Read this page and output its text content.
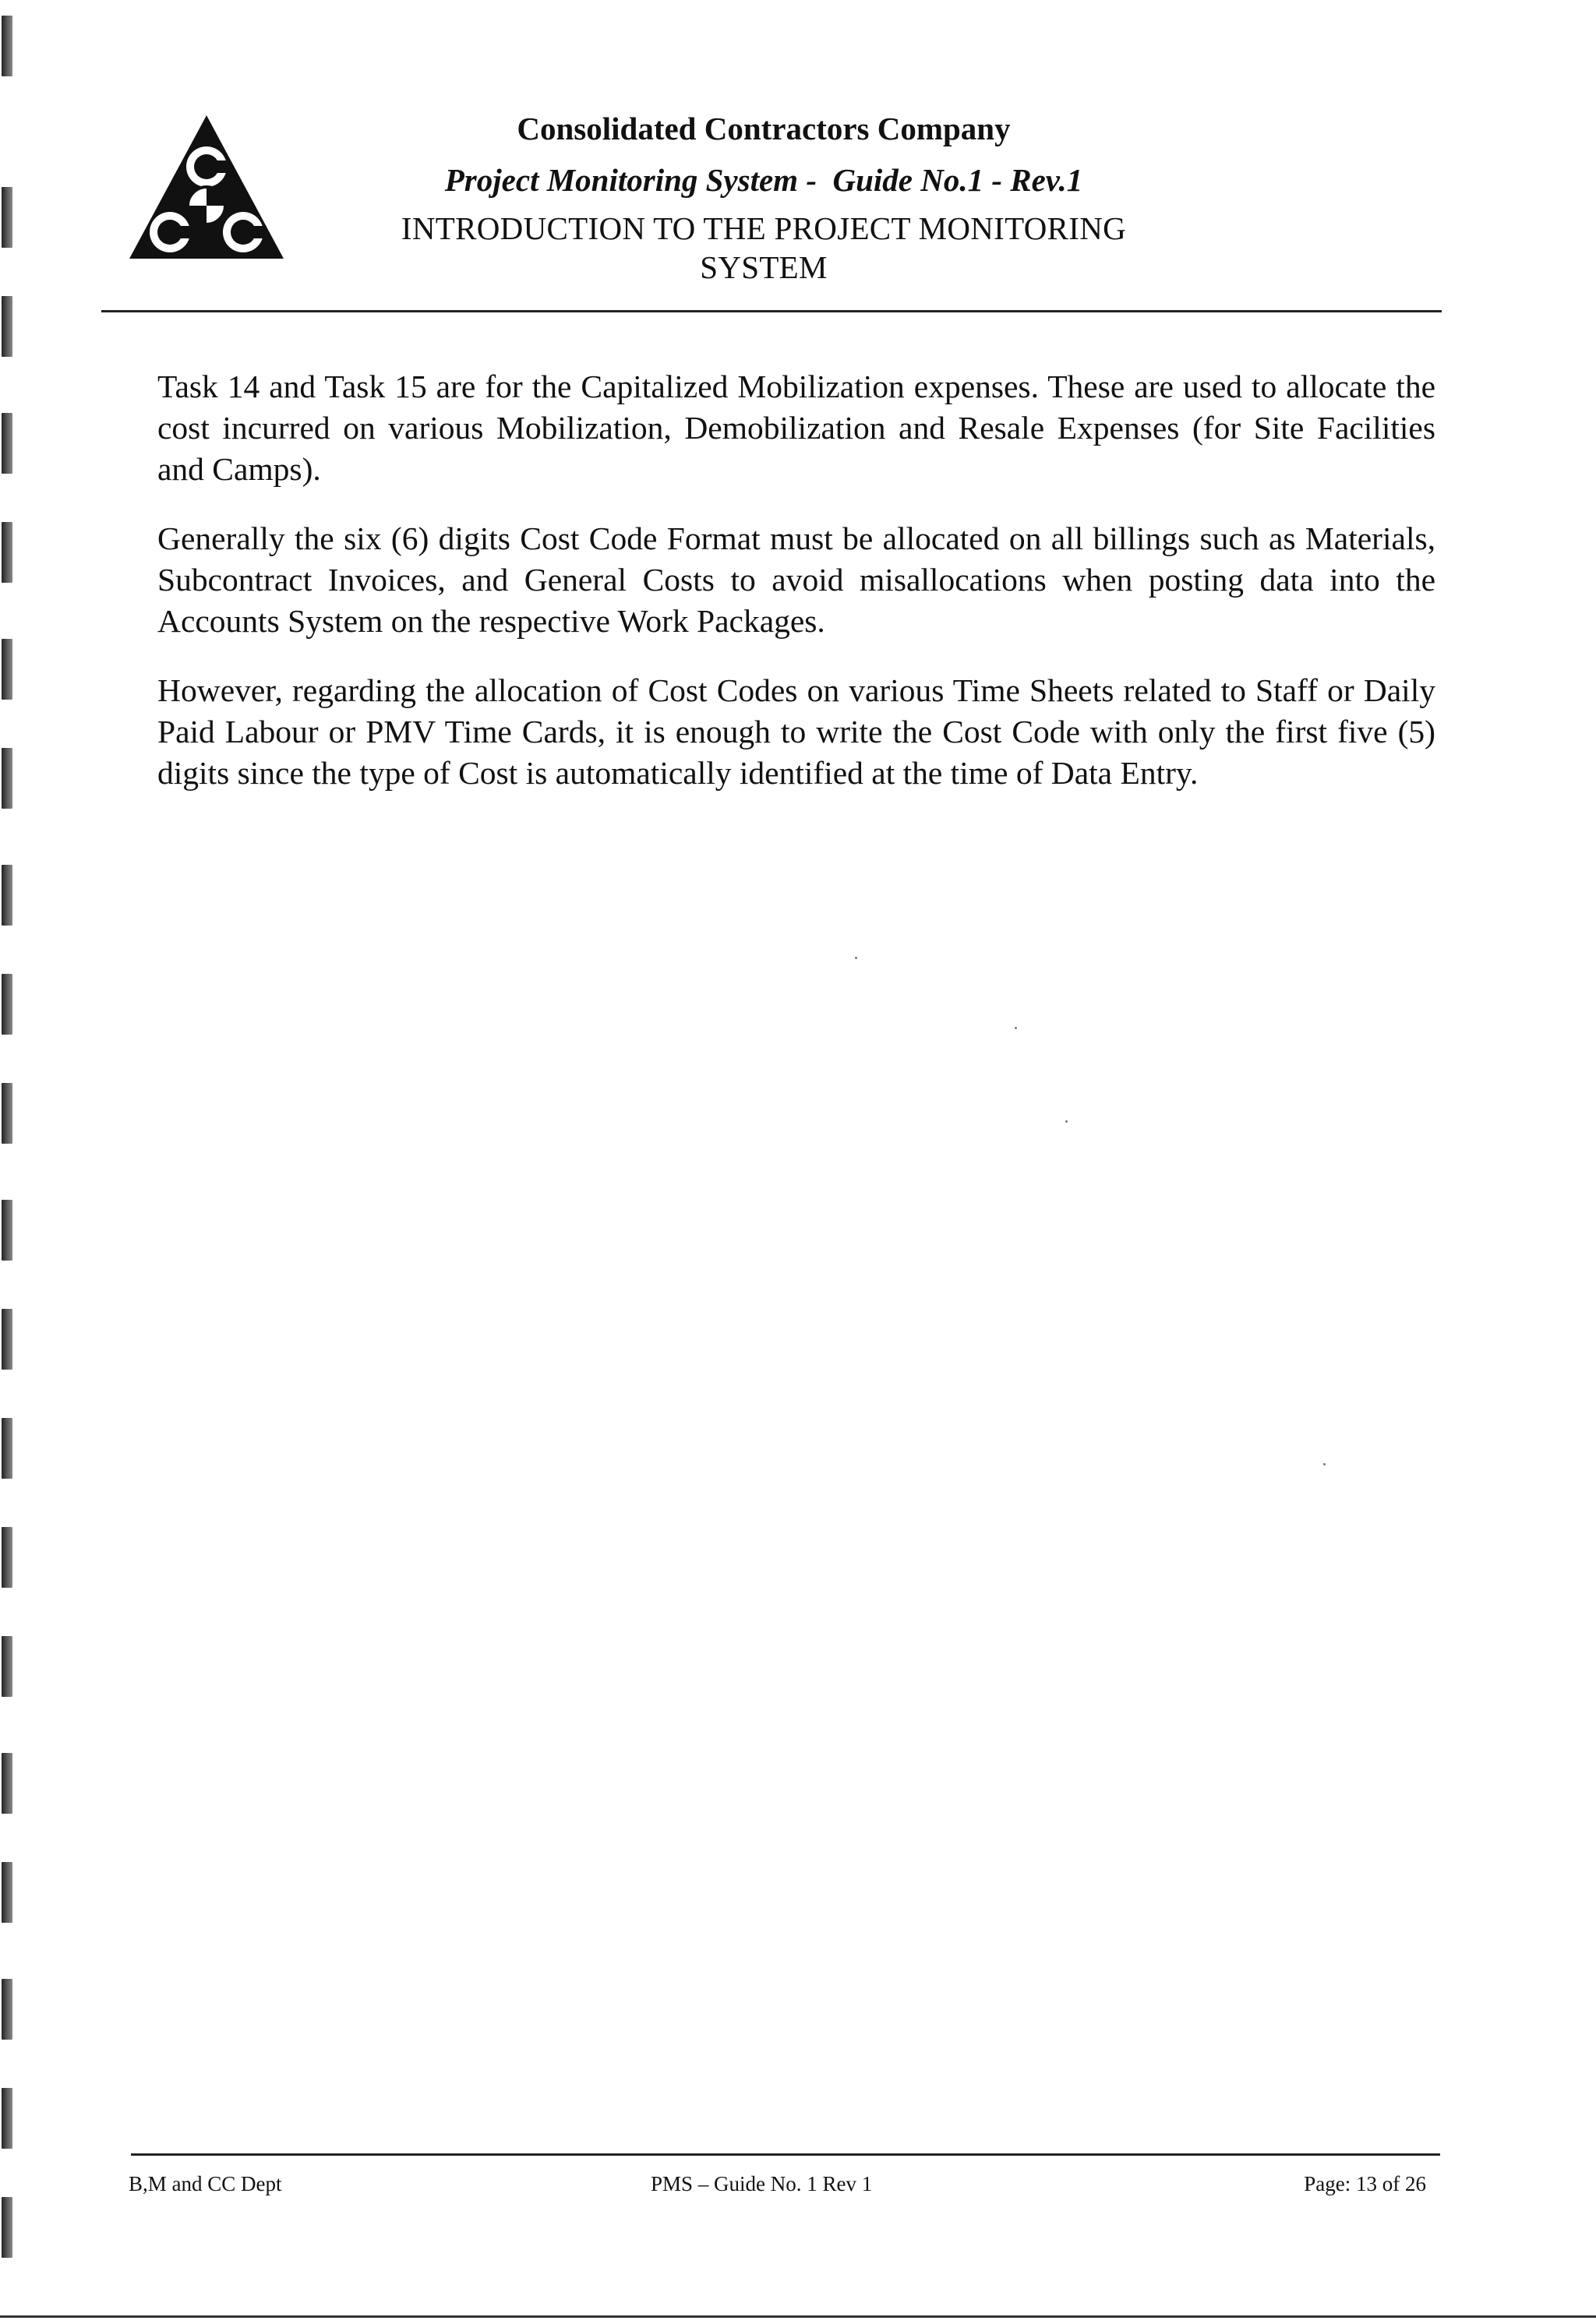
Consolidated Contractors Company
Project Monitoring System - Guide No.1 - Rev.1
INTRODUCTION TO THE PROJECT MONITORING
SYSTEM

Task 14 and Task 15 are for the Capitalized Mobilization expenses. These are used to allocate the cost incurred on various Mobilization, Demobilization and Resale Expenses (for Site Facilities and Camps).

Generally the six (6) digits Cost Code Format must be allocated on all billings such as Materials, Subcontract Invoices, and General Costs to avoid misallocations when posting data into the Accounts System on the respective Work Packages.

However, regarding the allocation of Cost Codes on various Time Sheets related to Staff or Daily Paid Labour or PMV Time Cards, it is enough to write the Cost Code with only the first five (5) digits since the type of Cost is automatically identified at the time of Data Entry.

B,M and CC Dept	PMS – Guide No. 1 Rev 1	Page: 13 of 26
